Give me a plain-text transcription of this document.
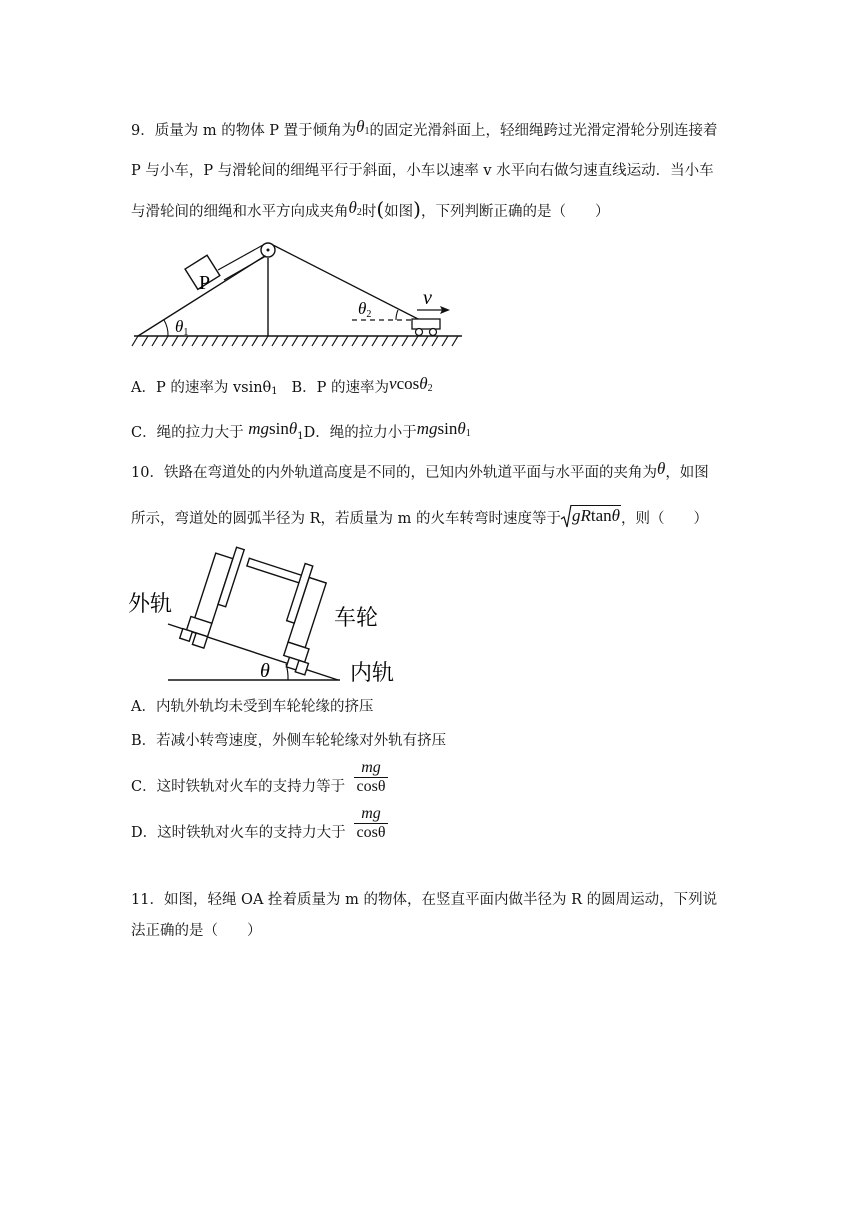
9．质量为 m 的物体 P 置于倾角为$\theta_1$的固定光滑斜面上，轻细绳跨过光滑定滑轮分别连接着
P 与小车，P 与滑轮间的细绳平行于斜面，小车以速率 v 水平向右做匀速直线运动．当小车
与滑轮间的细绳和水平方向成夹角$\theta_2$时(如图)，下列判断正确的是（　　）
P
θ1
θ2
v
A．P 的速率为 vsinθ$_1$ B．P 的速率为vcosθ$_2$
C．绳的拉力大于 mgsinθ$_1$D．绳的拉力小于mgsinθ$_1$
10．铁路在弯道处的内外轨道高度是不同的，已知内外轨道平面与水平面的夹角为θ，如图
所示，弯道处的圆弧半径为 R，若质量为 m 的火车转弯时速度等于 gRtanθ，则（　　）
θ
外轨
车轮
内轨
A．内轨外轨均未受到车轮轮缘的挤压
B．若减小转弯速度，外侧车轮轮缘对外轨有挤压
C．这时铁轨对火车的支持力等于
mg
cosθ
D．这时铁轨对火车的支持力大于
mg
cosθ
11．如图，轻绳 OA 拴着质量为 m 的物体，在竖直平面内做半径为 R 的圆周运动，下列说
法正确的是（　　）
